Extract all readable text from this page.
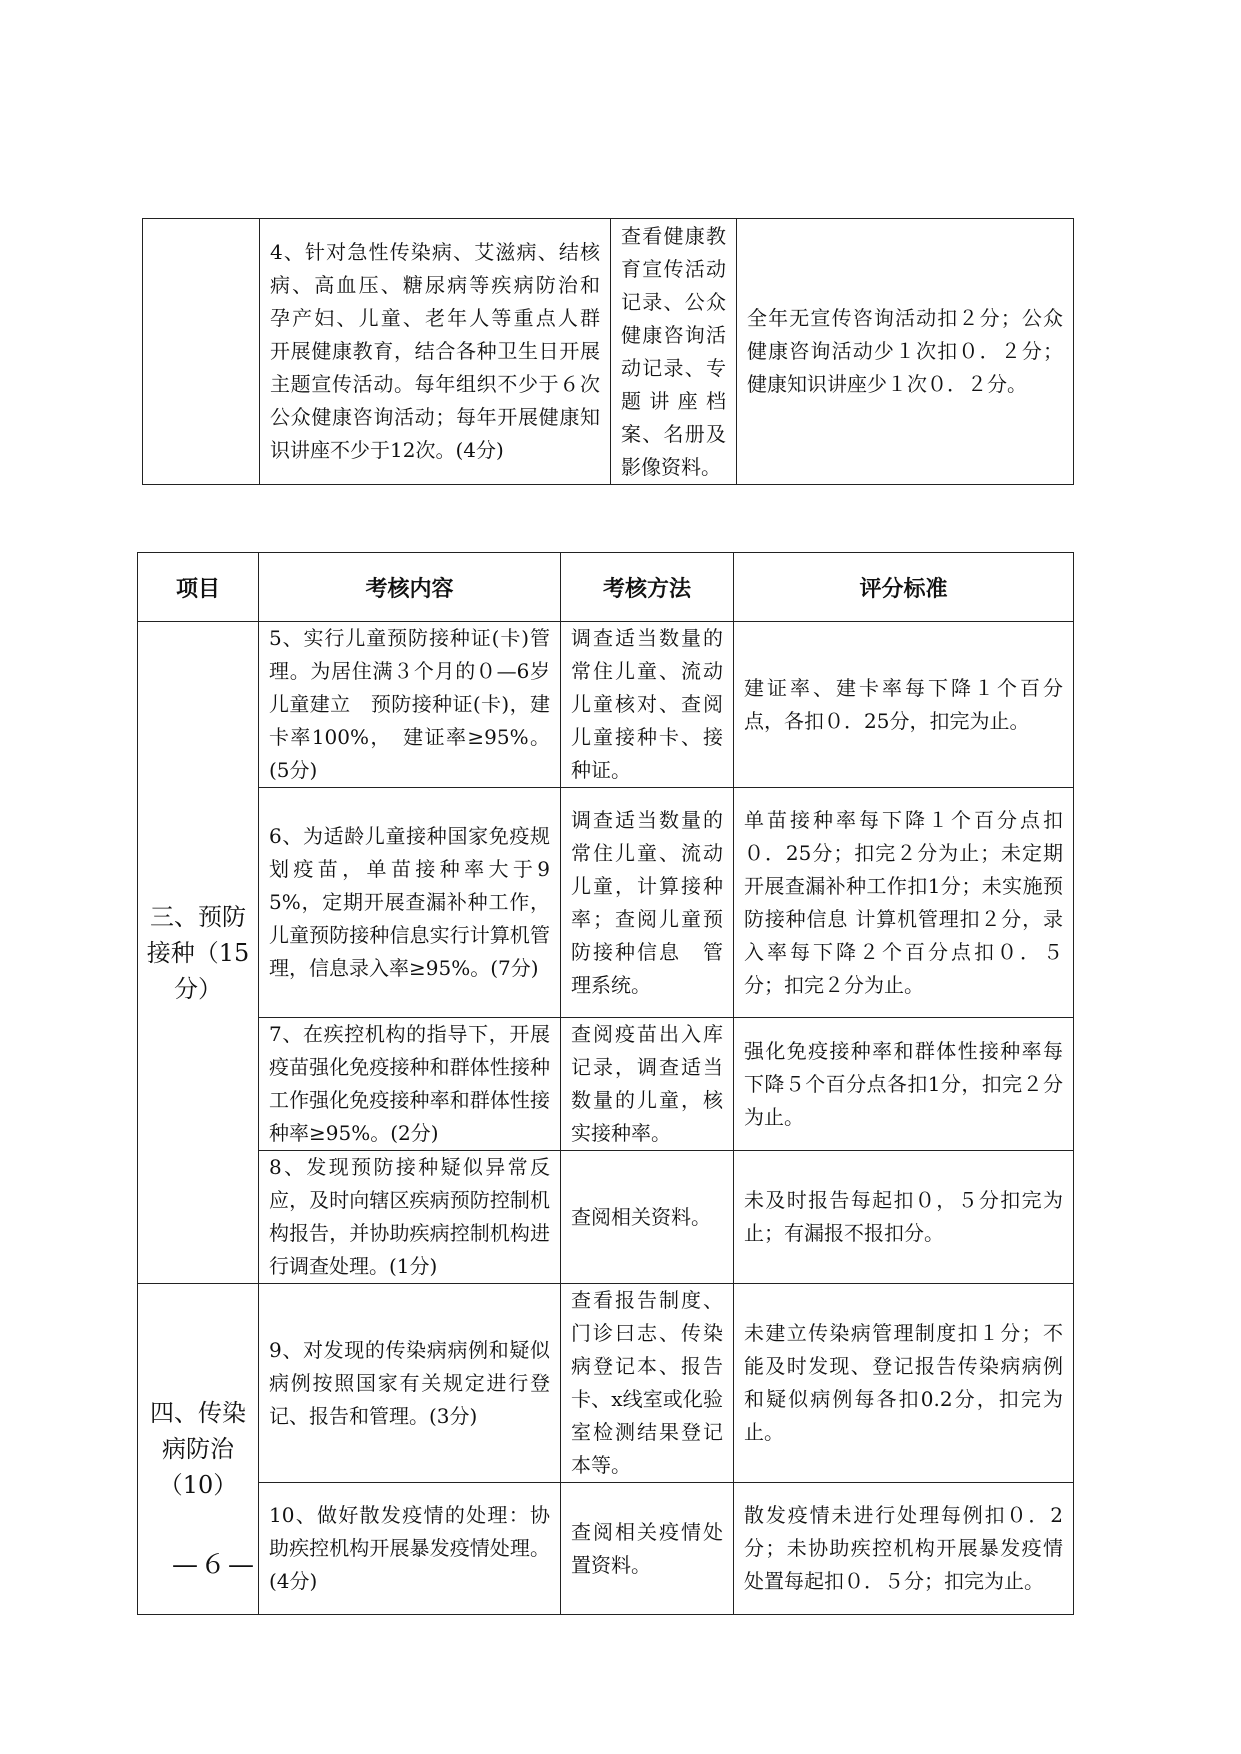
	4、针对急性传染病、艾滋病、结核 病、高血压、糖尿病等疾病防治和　孕产妇、儿童、老年人等重点人群　开展健康教育，结合各种卫生日开展主题宣传活动。每年组织不少于６次公众健康咨询活动；每年开展健康知识讲座不少于12次。(4分)	查看健康教育宣传活动记录、公众健康咨询活动记录、专题讲座档案、名册及影像资料。	全年无宣传咨询活动扣２分；公众健康咨询活动少１次扣０．２分；健康知识讲座少１次０．２分。
项目	考核内容	考核方法	评分标准
三、预防接种（15分）	5、实行儿童预防接种证(卡)管理。为居住满３个月的０—6岁儿童建立　预防接种证(卡)，建卡率100%，　建证率≥95%。(5分)	调查适当数量的常住儿童、流动儿童核对、查阅儿童接种卡、接种证。	建证率、建卡率每下降１个百分点，各扣０．25分，扣完为止。
	6、为适龄儿童接种国家免疫规划疫苗，单苗接种率大于95%，定期开展查漏补种工作，儿童预防接种信息实行计算机管理，信息录入率≥95%。(7分)	调查适当数量的常住儿童、流动儿童，计算接种率；查阅儿童预防接种信息　管理系统。	单苗接种率每下降１个百分点扣０．25分；扣完２分为止；未定期开展查漏补种工作扣1分；未实施预防接种信息 计算机管理扣２分，录入率每下降２个百分点扣０．５分；扣完２分为止。
	7、在疾控机构的指导下，开展疫苗强化免疫接种和群体性接种工作强化免疫接种率和群体性接种率≥95%。(2分)	查阅疫苗出入库记录，调查适当数量的儿童，核实接种率。	强化免疫接种率和群体性接种率每下降５个百分点各扣1分，扣完２分为止。
	8、发现预防接种疑似异常反应，及时向辖区疾病预防控制机构报告，并协助疾病控制机构进行调查处理。(1分)	查阅相关资料。	未及时报告每起扣０，５分扣完为止；有漏报不报扣分。
四、传染病防治（10）	9、对发现的传染病病例和疑似病例按照国家有关规定进行登记、报告和管理。(3分)	查看报告制度、门诊曰志、传染病登记本、报告卡、x线室或化验室检测结果登记本等。	未建立传染病管理制度扣１分；不能及时发现、登记报告传染病病例和疑似病例每各扣0.2分，扣完为止。
	10、做好散发疫情的处理：协助疾控机构开展暴发疫情处理。(4分)	查阅相关疫情处置资料。	散发疫情未进行处理每例扣０．2分；未协助疾控机构开展暴发疫情处置每起扣０．５分；扣完为止。
—６—
